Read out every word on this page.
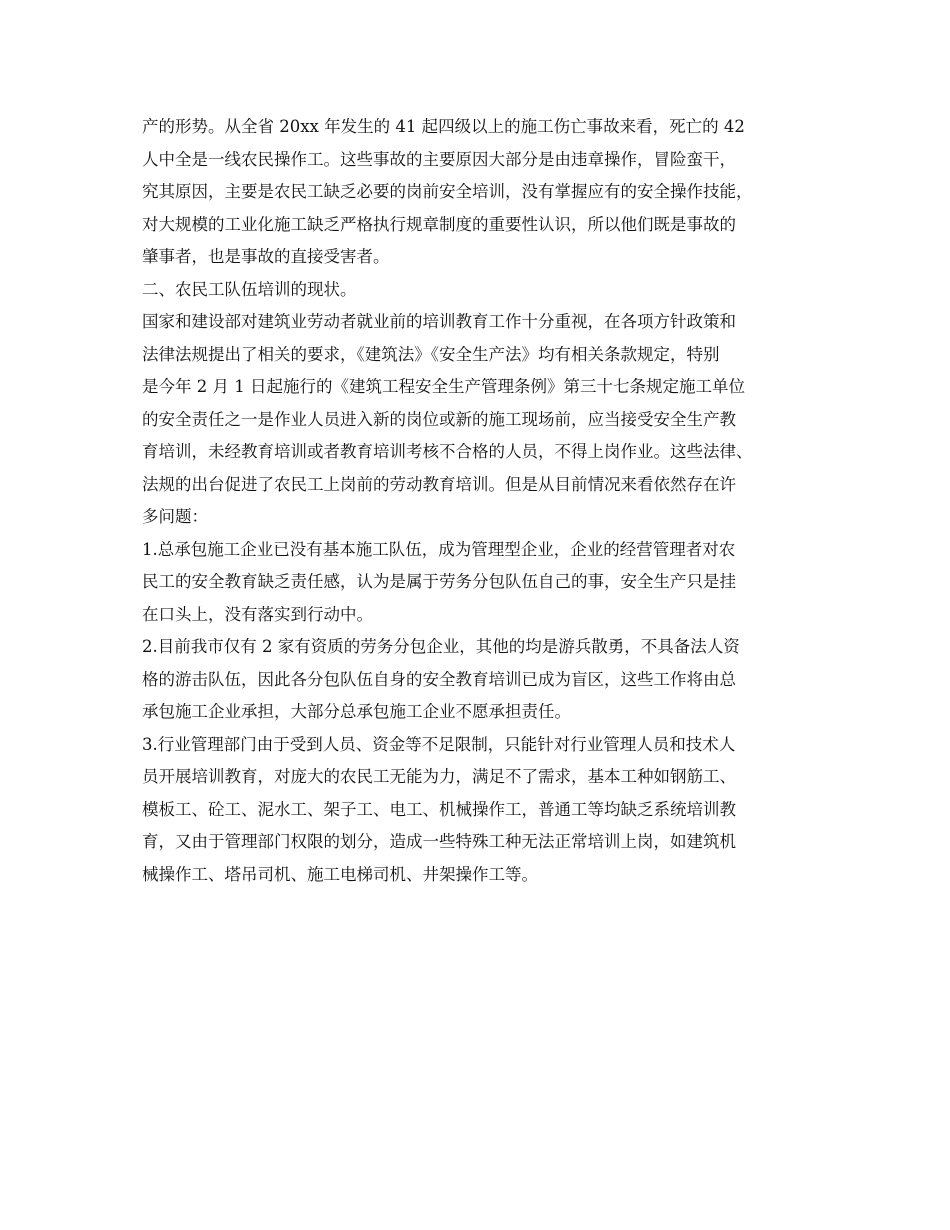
产的形势。从全省 20xx 年发生的 41 起四级以上的施工伤亡事故来看，死亡的 42
人中全是一线农民操作工。这些事故的主要原因大部分是由违章操作，冒险蛮干，
究其原因，主要是农民工缺乏必要的岗前安全培训，没有掌握应有的安全操作技能，
对大规模的工业化施工缺乏严格执行规章制度的重要性认识，所以他们既是事故的
肇事者，也是事故的直接受害者。
二、农民工队伍培训的现状。
国家和建设部对建筑业劳动者就业前的培训教育工作十分重视，在各项方针政策和
法律法规提出了相关的要求，《建筑法》《安全生产法》均有相关条款规定，特别
是今年 2 月 1 日起施行的《建筑工程安全生产管理条例》第三十七条规定施工单位
的安全责任之一是作业人员进入新的岗位或新的施工现场前，应当接受安全生产教
育培训，未经教育培训或者教育培训考核不合格的人员，不得上岗作业。这些法律、
法规的出台促进了农民工上岗前的劳动教育培训。但是从目前情况来看依然存在许
多问题：
1.总承包施工企业已没有基本施工队伍，成为管理型企业，企业的经营管理者对农
民工的安全教育缺乏责任感，认为是属于劳务分包队伍自己的事，安全生产只是挂
在口头上，没有落实到行动中。
2.目前我市仅有 2 家有资质的劳务分包企业，其他的均是游兵散勇，不具备法人资
格的游击队伍，因此各分包队伍自身的安全教育培训已成为盲区，这些工作将由总
承包施工企业承担，大部分总承包施工企业不愿承担责任。
3.行业管理部门由于受到人员、资金等不足限制，只能针对行业管理人员和技术人
员开展培训教育，对庞大的农民工无能为力，满足不了需求，基本工种如钢筋工、
模板工、砼工、泥水工、架子工、电工、机械操作工，普通工等均缺乏系统培训教
育，又由于管理部门权限的划分，造成一些特殊工种无法正常培训上岗，如建筑机
械操作工、塔吊司机、施工电梯司机、井架操作工等。
